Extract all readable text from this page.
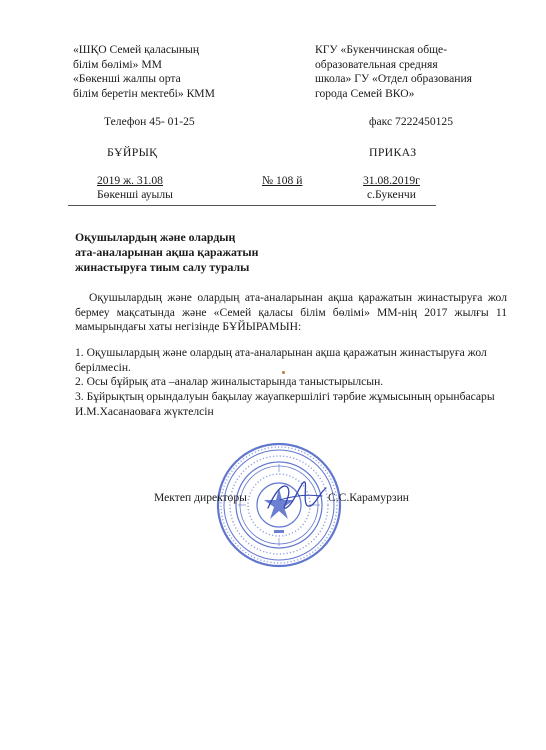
«ШҚО Семей қаласының
білім бөлімі» ММ
«Бөкенші жалпы орта
білім беретін мектебі» КММ
КГУ «Букенчинская обще-
образовательная средняя
школа» ГУ «Отдел образования
города Семей ВКО»
Телефон 45- 01-25	факс 7222450125
БҰЙРЫҚ	ПРИКАЗ
2019 ж. 31.08	№ 108 й	31.08.2019г
Бөкенші ауылы	с.Букенчи
Оқушылардың және олардың
ата-аналарынан ақша қаражатын
жинастыруға тиым салу туралы
Оқушылардың және олардың ата-аналарынан ақша қаражатын жинастыруға жол бермеу мақсатында және «Семей қаласы білім бөлімі» ММ-нің 2017 жылғы 11 мамырындағы хаты негізінде БҰЙЫРАМЫН:
1. Оқушылардың және олардың ата-аналарынан ақша қаражатын жинастыруға жол берілмесін.
2. Осы бұйрық ата –аналар жиналыстарында таныстырылсын.
3. Бұйрықтың орындалуын бақылау жауапкершілігі тәрбие жұмысының орынбасары И.М.Хасанаоваға жүктелсін
Мектеп директоры	С.С.Карамурзин
